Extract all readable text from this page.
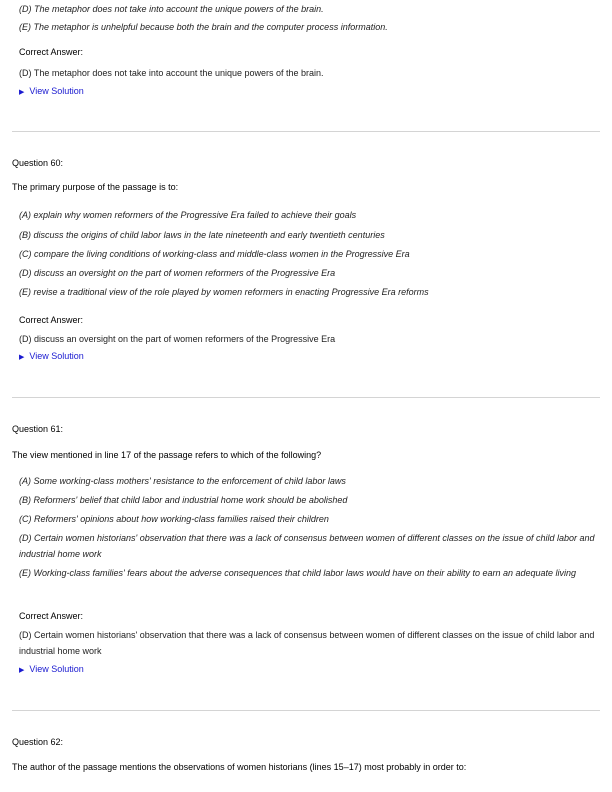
(D) The metaphor does not take into account the unique powers of the brain.
(E) The metaphor is unhelpful because both the brain and the computer process information.
Correct Answer:
(D) The metaphor does not take into account the unique powers of the brain.
▶ View Solution
Question 60:
The primary purpose of the passage is to:
(A) explain why women reformers of the Progressive Era failed to achieve their goals
(B) discuss the origins of child labor laws in the late nineteenth and early twentieth centuries
(C) compare the living conditions of working-class and middle-class women in the Progressive Era
(D) discuss an oversight on the part of women reformers of the Progressive Era
(E) revise a traditional view of the role played by women reformers in enacting Progressive Era reforms
Correct Answer:
(D) discuss an oversight on the part of women reformers of the Progressive Era
▶ View Solution
Question 61:
The view mentioned in line 17 of the passage refers to which of the following?
(A) Some working-class mothers' resistance to the enforcement of child labor laws
(B) Reformers' belief that child labor and industrial home work should be abolished
(C) Reformers' opinions about how working-class families raised their children
(D) Certain women historians' observation that there was a lack of consensus between women of different classes on the issue of child labor and industrial home work
(E) Working-class families' fears about the adverse consequences that child labor laws would have on their ability to earn an adequate living
Correct Answer:
(D) Certain women historians' observation that there was a lack of consensus between women of different classes on the issue of child labor and industrial home work
▶ View Solution
Question 62:
The author of the passage mentions the observations of women historians (lines 15–17) most probably in order to:
